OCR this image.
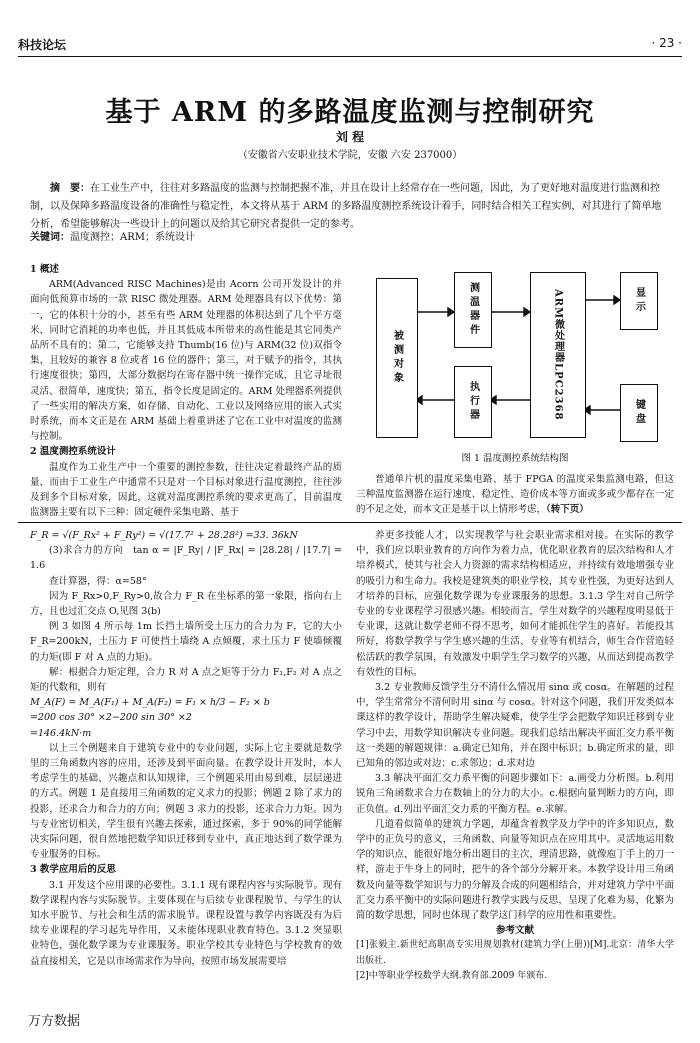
科技论坛	· 23 ·
基于 ARM 的多路温度监测与控制研究
刘 程
（安徽省六安职业技术学院，安徽 六安 237000）
摘　要：在工业生产中，往往对多路温度的监测与控制把握不准，并且在设计上经常存在一些问题，因此，为了更好地对温度进行监测和控制，以及保障多路温度设备的准确性与稳定性，本文将从基于 ARM 的多路温度测控系统设计着手，同时结合相关工程实例，对其进行了简单地分析，希望能够解决一些设计上的问题以及给其它研究者提供一定的参考。
关键词：温度测控；ARM；系统设计
1 概述

ARM(Advanced RISC Machines)是由 Acorn 公司开发设计的并面向低预算市场的一款 RISC 微处理器。ARM 处理器具有以下优势：第一，它的体积十分的小，甚至有些 ARM 处理器的体积达到了几个平方毫米，同时它消耗的功率也低，并且其低成本所带来的高性能是其它同类产品所不具有的；第二，它能够支持 Thumb(16 位)与 ARM(32 位)双指令集，且较好的兼容 8 位或者 16 位的器件；第三，对于赋予的指令，其执行速度很快；第四，大部分数据均在寄存器中统一操作完成，且它寻址很灵活、很简单，速度快；第五，指令长度是固定的。ARM 处理器系列提供了一些实用的解决方案，如存储、自动化、工业以及网络应用的嵌入式实时系统，而本文正是在 ARM 基础上着重讲述了它在工业中对温度的监测与控制。

2 温度测控系统设计

温度作为工业生产中一个重要的测控参数，往往决定着最终产品的质量，而由于工业生产中通常不只是对一个目标对象进行温度测控，往往涉及到多个目标对象，因此，这就对温度测控系统的要求更高了，目前温度监测器主要有以下三种：固定硬件采集电路、基于

被测对象
测温器件
执行器	ARM微处理器LPC2368	显示
键盘
图 1 温度测控系统结构图

普通单片机的温度采集电路、基于 FPGA 的温度采集监测电路，但这三种温度监测器在运行速度、稳定性、造价成本等方面或多或少都存在一定的不足之处，而本文正是基于以上情形考虑，（转下页）

F_R = √(F_Rx² + F_Ry²) = √(17.7² + 28.28²) =33. 36kN

(3)求合力的方向　tan α = |F_Ry| / |F_Rx| = |28.28| / |17.7| = 1.6

查计算器，得：α=58°

因为 F_Rx>0,F_Ry>0,故合力 F_R 在坐标系的第一象限，指向右上方，且也过汇交点 O,见图 3(b)

例 3 如图 4 所示每 1m 长挡土墙所受土压力的合力为 F，它的大小 F_R=200kN，土压力 F 可使挡土墙绕 A 点倾覆，求土压力 F 使墙倾覆的力矩(即 F 对 A 点的力矩)。

解：根据合力矩定理，合力 R 对 A 点之矩等于分力 F₁,F₂ 对 A 点之矩的代数和，则有

M_A(F) = M_A(F₁) + M_A(F₂) = F₁ × h/3 − F₂ × b

=200 cos 30° ×2−200 sin 30° ×2

=146.4kN·m

以上三个例题来自于建筑专业中的专业问题，实际上它主要就是数学里的三角函数内容的应用，还涉及到平面向量。在教学设计开发时，本人考虑学生的基础、兴趣点和认知规律，三个例题采用由易到难，层层递进的方式。例题 1 是直接用三角函数的定义求力的投影；例题 2 除了求力的投影，还求合力和合力的方向；例题 3 求力的投影，还求合力力矩。因为与专业密切相关，学生很有兴趣去探索，通过探索，多于 90%的同学能解决实际问题，很自然地把数学知识迁移到专业中，真正地达到了数学课为专业服务的目标。

3 教学应用后的反思

3.1 开发这个应用课的必要性。3.1.1 现有课程内容与实际脱节。现有数学课程内容与实际脱节。主要体现在与后续专业课程脱节、与学生的认知水平脱节、与社会和生活的需求脱节。课程设置与教学内容既没有为后续专业课程的学习起先导作用，又未能体现职业教育特色。3.1.2 突显职业特色，强化数学课为专业课服务。职业学校其专业特色与学校教育的效益直接相关，它是以市场需求作为导向，按照市场发展需要培

养更多技能人才，以实现教学与社会职业需求相对接。在实际的教学中，我们应以职业教育的方向作为着力点，优化职业教育的层次结构和人才培养模式，使其与社会人力资源的需求结构相适应，并持续有效地增强专业的吸引力和生命力。我校是建筑类的职业学校，其专业性强，为更好达到人才培养的目标，应强化数学课为专业课服务的思想。3.1.3 学生对自己所学专业的专业课程学习很感兴趣。相较而言，学生对数学的兴趣程度明显低于专业课，这就让数学老师不得不思考，如何才能抓住学生的喜好。若能投其所好，将数学教学与学生感兴趣的生活、专业等有机结合，师生合作营造轻松活跃的教学氛围，有效激发中职学生学习数学的兴趣，从而达到提高教学有效性的目标。

3.2 专业教师反馈学生分不清什么情况用 sinα 或 cosα。在解题的过程中，学生常常分不清何时用 sinα 与 cosα。针对这个问题，我们开发类似本课这样的教学设计，帮助学生解决疑难，使学生学会把数学知识迁移到专业学习中去，用数学知识解决专业问题。现我们总结出解决平面汇交力系平衡这一类题的解题规律：a.确定已知角，并在图中标识；b.确定所求的量，即已知角的邻边或对边；c.求邻边；d.求对边

3.3 解决平面汇交力系平衡的问题步骤如下：a.画受力分析图。b.利用锐角三角函数求合力在数轴上的分力的大小。c.根据向量判断力的方向，即正负值。d.列出平面汇交力系的平衡方程。e.求解。

几道看似简单的建筑力学题，却蕴含着教学及力学中的许多知识点，数学中的正负号的意义，三角函数、向量等知识点在应用其中。灵活地运用数学的知识点，能很好地分析出题目的主次，理清思路，就像庖丁手上的刀一样，游走于牛身上的同时，把牛的各个部分分解开来。本教学设计用三角函数及向量等数学知识与力的分解及合成的问题相结合，并对建筑力学中平面汇交力系平衡中的实际问题进行教学实践与反思，呈现了化难为易，化繁为简的数学思想，同时也体现了数学这门科学的应用性和重要性。

参考文献

[1]张毅主.新世纪高职高专实用规划教材(建筑力学(上册))[M].北京：清华大学出版社.

[2]中等职业学校数学大纲.教育部.2009 年颁布.

万方数据
